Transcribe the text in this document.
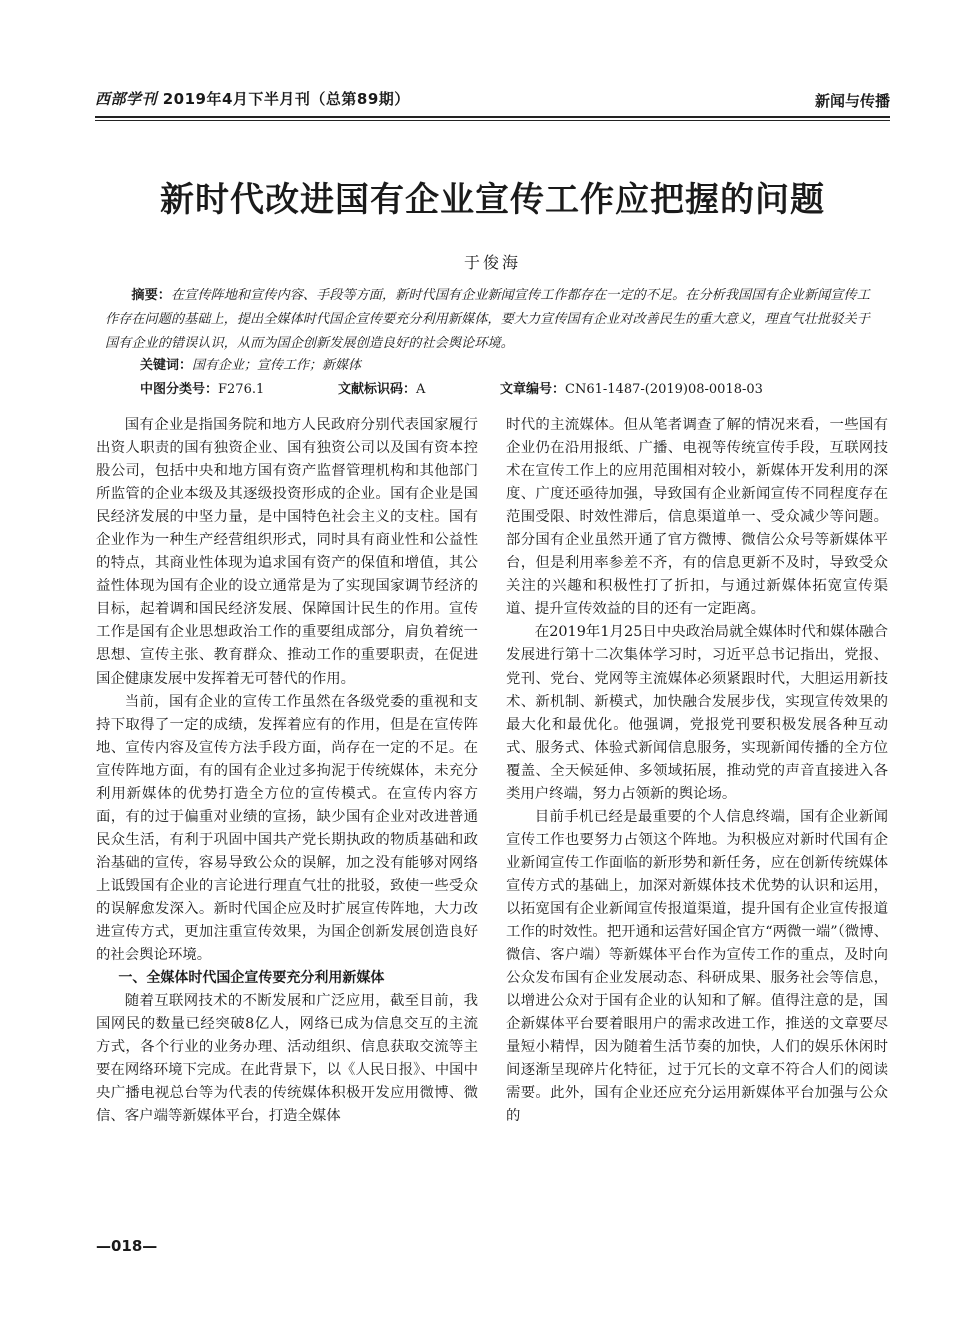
西部学刊 2019年4月下半月刊（总第89期）	新闻与传播
新时代改进国有企业宣传工作应把握的问题
于俊海

摘要：在宣传阵地和宣传内容、手段等方面，新时代国有企业新闻宣传工作都存在一定的不足。在分析我国国有企业新闻宣传工作存在问题的基础上，提出全媒体时代国企宣传要充分利用新媒体，要大力宣传国有企业对改善民生的重大意义，理直气壮批驳关于国有企业的错误认识，从而为国企创新发展创造良好的社会舆论环境。

关键词：国有企业；宣传工作；新媒体
中图分类号：F276.1	文献标识码：A	文章编号：CN61-1487-(2019)08-0018-03

国有企业是指国务院和地方人民政府分别代表国家履行出资人职责的国有独资企业、国有独资公司以及国有资本控股公司，包括中央和地方国有资产监督管理机构和其他部门所监管的企业本级及其逐级投资形成的企业。国有企业是国民经济发展的中坚力量，是中国特色社会主义的支柱。国有企业作为一种生产经营组织形式，同时具有商业性和公益性的特点，其商业性体现为追求国有资产的保值和增值，其公益性体现为国有企业的设立通常是为了实现国家调节经济的目标，起着调和国民经济发展、保障国计民生的作用。宣传工作是国有企业思想政治工作的重要组成部分，肩负着统一思想、宣传主张、教育群众、推动工作的重要职责，在促进国企健康发展中发挥着无可替代的作用。

当前，国有企业的宣传工作虽然在各级党委的重视和支持下取得了一定的成绩，发挥着应有的作用，但是在宣传阵地、宣传内容及宣传方法手段方面，尚存在一定的不足。在宣传阵地方面，有的国有企业过多拘泥于传统媒体，未充分利用新媒体的优势打造全方位的宣传模式。在宣传内容方面，有的过于偏重对业绩的宣扬，缺少国有企业对改进普通民众生活，有利于巩固中国共产党长期执政的物质基础和政治基础的宣传，容易导致公众的误解，加之没有能够对网络上诋毁国有企业的言论进行理直气壮的批驳，致使一些受众的误解愈发深入。新时代国企应及时扩展宣传阵地，大力改进宣传方式，更加注重宣传效果，为国企创新发展创造良好的社会舆论环境。

一、全媒体时代国企宣传要充分利用新媒体

随着互联网技术的不断发展和广泛应用，截至目前，我国网民的数量已经突破8亿人，网络已成为信息交互的主流方式，各个行业的业务办理、活动组织、信息获取交流等主要在网络环境下完成。在此背景下，以《人民日报》、中国中央广播电视总台等为代表的传统媒体积极开发应用微博、微信、客户端等新媒体平台，打造全媒体

时代的主流媒体。但从笔者调查了解的情况来看，一些国有企业仍在沿用报纸、广播、电视等传统宣传手段，互联网技术在宣传工作上的应用范围相对较小，新媒体开发利用的深度、广度还亟待加强，导致国有企业新闻宣传不同程度存在范围受限、时效性滞后，信息渠道单一、受众减少等问题。部分国有企业虽然开通了官方微博、微信公众号等新媒体平台，但是利用率参差不齐，有的信息更新不及时，导致受众关注的兴趣和积极性打了折扣，与通过新媒体拓宽宣传渠道、提升宣传效益的目的还有一定距离。

在2019年1月25日中央政治局就全媒体时代和媒体融合发展进行第十二次集体学习时，习近平总书记指出，党报、党刊、党台、党网等主流媒体必须紧跟时代，大胆运用新技术、新机制、新模式，加快融合发展步伐，实现宣传效果的最大化和最优化。他强调，党报党刊要积极发展各种互动式、服务式、体验式新闻信息服务，实现新闻传播的全方位覆盖、全天候延伸、多领域拓展，推动党的声音直接进入各类用户终端，努力占领新的舆论场。

目前手机已经是最重要的个人信息终端，国有企业新闻宣传工作也要努力占领这个阵地。为积极应对新时代国有企业新闻宣传工作面临的新形势和新任务，应在创新传统媒体宣传方式的基础上，加深对新媒体技术优势的认识和运用，以拓宽国有企业新闻宣传报道渠道，提升国有企业宣传报道工作的时效性。把开通和运营好国企官方“两微一端”（微博、微信、客户端）等新媒体平台作为宣传工作的重点，及时向公众发布国有企业发展动态、科研成果、服务社会等信息，以增进公众对于国有企业的认知和了解。值得注意的是，国企新媒体平台要着眼用户的需求改进工作，推送的文章要尽量短小精悍，因为随着生活节奏的加快，人们的娱乐休闲时间逐渐呈现碎片化特征，过于冗长的文章不符合人们的阅读需要。此外，国有企业还应充分运用新媒体平台加强与公众的

—018—
